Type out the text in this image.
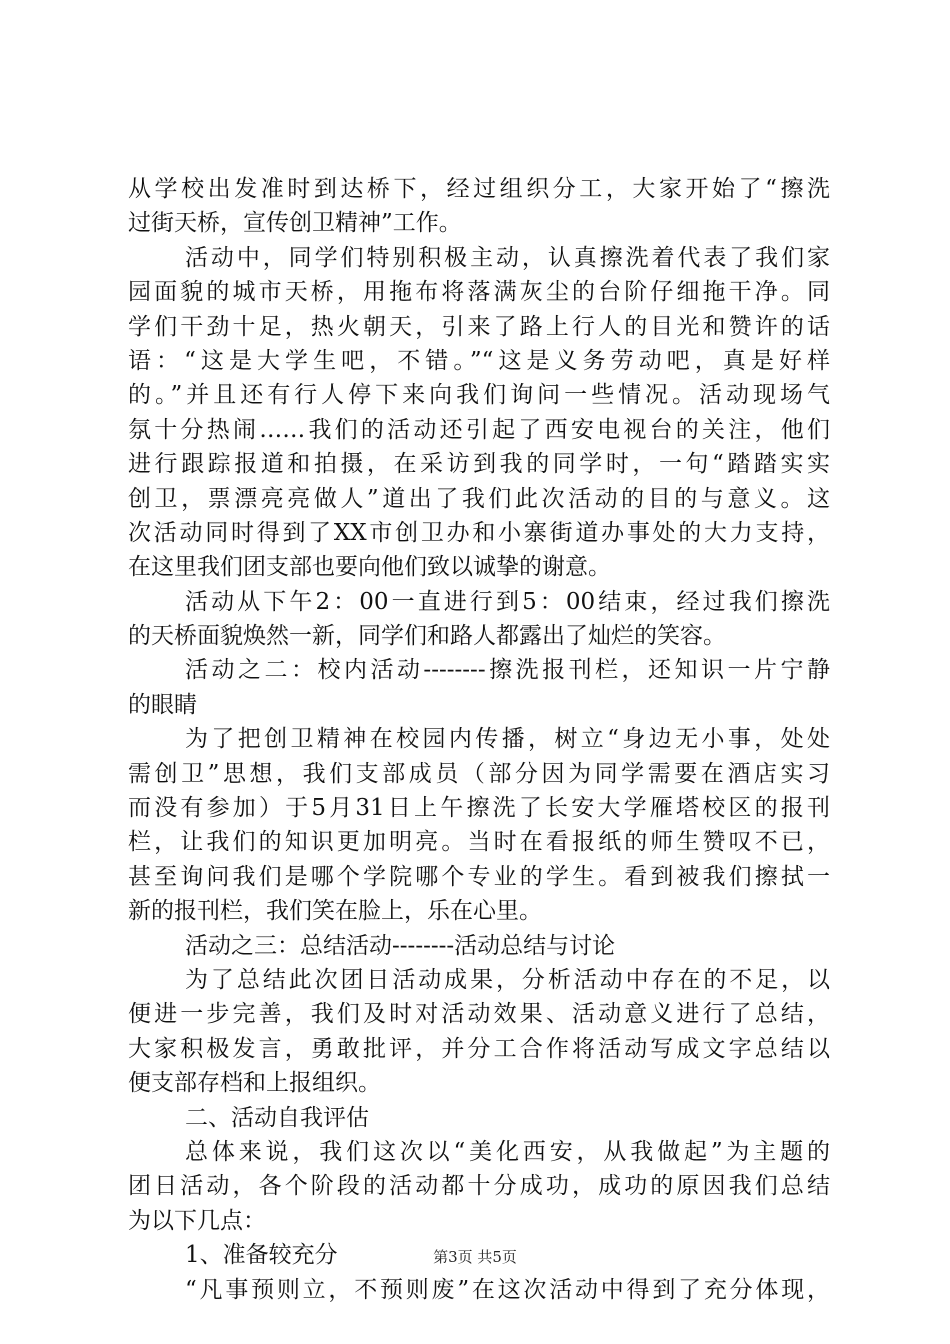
从学校出发准时到达桥下，经过组织分工，大家开始了“擦洗
过街天桥，宣传创卫精神”工作。
活动中，同学们特别积极主动，认真擦洗着代表了我们家
园面貌的城市天桥，用拖布将落满灰尘的台阶仔细拖干净。同
学们干劲十足，热火朝天，引来了路上行人的目光和赞许的话
语：“这是大学生吧，不错。”“这是义务劳动吧，真是好样
的。”并且还有行人停下来向我们询问一些情况。活动现场气
氛十分热闹……我们的活动还引起了西安电视台的关注，他们
进行跟踪报道和拍摄，在采访到我的同学时，一句“踏踏实实
创卫，票漂亮亮做人”道出了我们此次活动的目的与意义。这
次活动同时得到了XX市创卫办和小寨街道办事处的大力支持，
在这里我们团支部也要向他们致以诚挚的谢意。
活动从下午2：00一直进行到5：00结束，经过我们擦洗
的天桥面貌焕然一新，同学们和路人都露出了灿烂的笑容。
活动之二：校内活动--------擦洗报刊栏，还知识一片宁静
的眼睛
为了把创卫精神在校园内传播，树立“身边无小事，处处
需创卫”思想，我们支部成员（部分因为同学需要在酒店实习
而没有参加）于5月31日上午擦洗了长安大学雁塔校区的报刊
栏，让我们的知识更加明亮。当时在看报纸的师生赞叹不已，
甚至询问我们是哪个学院哪个专业的学生。看到被我们擦拭一
新的报刊栏，我们笑在脸上，乐在心里。
活动之三：总结活动--------活动总结与讨论
为了总结此次团日活动成果，分析活动中存在的不足，以
便进一步完善，我们及时对活动效果、活动意义进行了总结，
大家积极发言，勇敢批评，并分工合作将活动写成文字总结以
便支部存档和上报组织。
二、活动自我评估
总体来说，我们这次以“美化西安，从我做起”为主题的
团日活动，各个阶段的活动都十分成功，成功的原因我们总结
为以下几点：
1、准备较充分
“凡事预则立，不预则废”在这次活动中得到了充分体现，
第3页 共5页
